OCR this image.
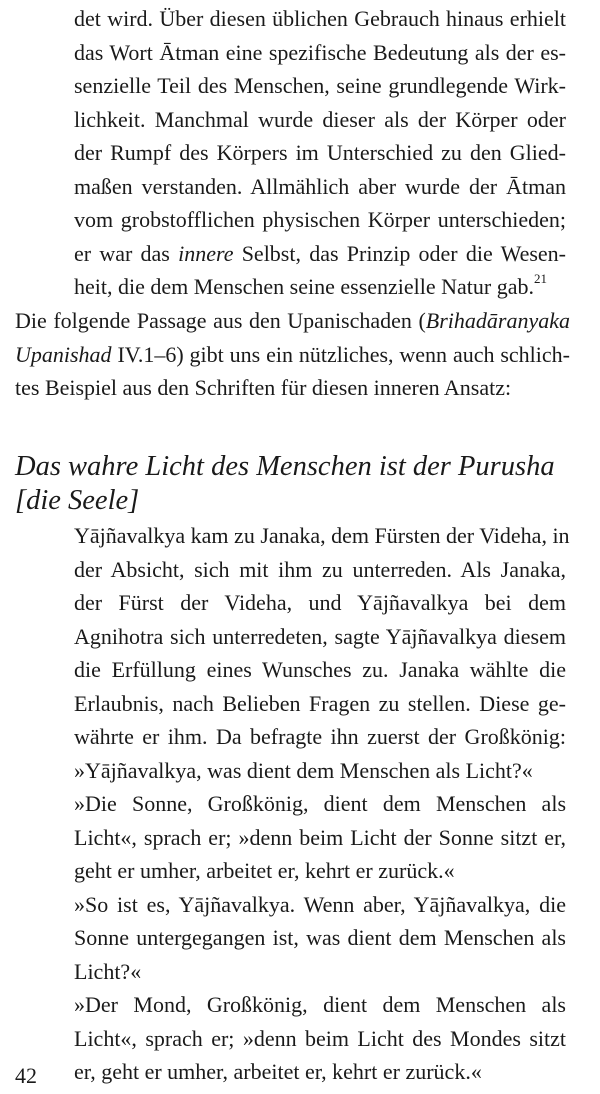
det wird. Über diesen üblichen Gebrauch hinaus erhielt
das Wort Ātman eine spezifische Bedeutung als der es-
senzielle Teil des Menschen, seine grundlegende Wirk-
lichkeit. Manchmal wurde dieser als der Körper oder
der Rumpf des Körpers im Unterschied zu den Glied-
maßen verstanden. Allmählich aber wurde der Ātman
vom grobstofflichen physischen Körper unterschieden;
er war das innere Selbst, das Prinzip oder die Wesen-
heit, die dem Menschen seine essenzielle Natur gab.$^{21}$

Die folgende Passage aus den Upanischaden (Brihadāranyaka
Upanishad IV.1–6) gibt uns ein nützliches, wenn auch schlich-
tes Beispiel aus den Schriften für diesen inneren Ansatz:

Das wahre Licht des Menschen ist der Purusha
[die Seele]

Yājñavalkya kam zu Janaka, dem Fürsten der Videha, in
der Absicht, sich mit ihm zu unterreden. Als Janaka,
der Fürst der Videha, und Yājñavalkya bei dem
Agnihotra sich unterredeten, sagte Yājñavalkya diesem
die Erfüllung eines Wunsches zu. Janaka wählte die
Erlaubnis, nach Belieben Fragen zu stellen. Diese ge-
währte er ihm. Da befragte ihn zuerst der Großkönig:
»Yājñavalkya, was dient dem Menschen als Licht?«
»Die Sonne, Großkönig, dient dem Menschen als
Licht«, sprach er; »denn beim Licht der Sonne sitzt er,
geht er umher, arbeitet er, kehrt er zurück.«
»So ist es, Yājñavalkya. Wenn aber, Yājñavalkya, die
Sonne untergegangen ist, was dient dem Menschen als
Licht?«
»Der Mond, Großkönig, dient dem Menschen als
Licht«, sprach er; »denn beim Licht des Mondes sitzt
er, geht er umher, arbeitet er, kehrt er zurück.«

42
